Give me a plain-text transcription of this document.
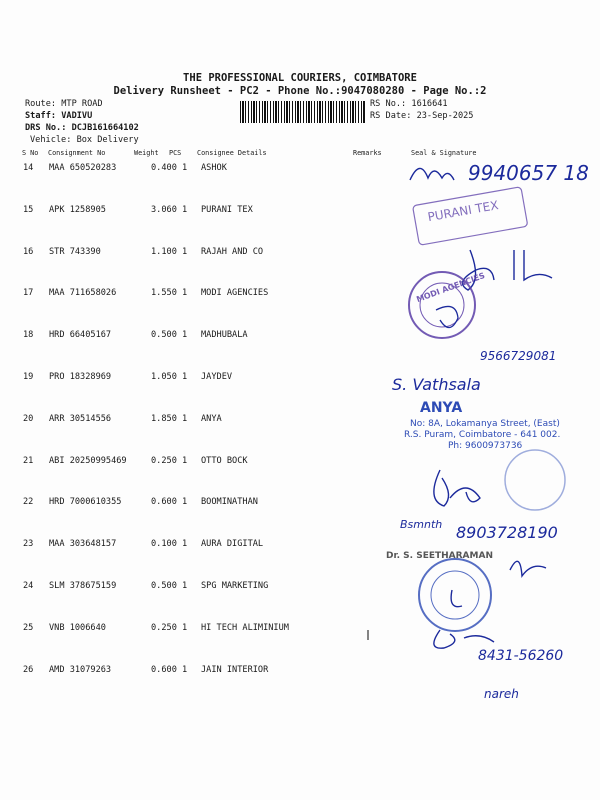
THE PROFESSIONAL COURIERS, COIMBATORE
Delivery Runsheet - PC2 - Phone No.:9047080280 - Page No.:2
Route: MTP ROAD
Staff: VADIVU
DRS No.: DCJB161664102
Vehicle: Box Delivery
RS No.: 1616641
RS Date: 23-Sep-2025
S No Consignment No	Weight PCS Consignee Details	Remarks	Seal & Signature
14 MAA 650520283	0.400 1 ASHOK
15 APK 1258905	3.060 1 PURANI TEX
16 STR 743390	1.100 1 RAJAH AND CO
17 MAA 711658026	1.550 1 MODI AGENCIES
18 HRD 66405167	0.500 1 MADHUBALA
19 PRO 18328969	1.050 1 JAYDEV
20 ARR 30514556	1.850 1 ANYA
21 ABI 20250995469	0.250 1 OTTO BOCK
22 HRD 7000610355	0.600 1 BOOMINATHAN
23 MAA 303648157	0.100 1 AURA DIGITAL
24 SLM 378675159	0.500 1 SPG MARKETING
25 VNB 1006640	0.250 1 HI TECH ALIMINIUM
26 AMD 31079263	0.600 1 JAIN INTERIOR
9940657 18
PURANI TEX
MODI AGENCIES
9566729081
S. Vathsala
ANYA
No: 8A, Lokamanya Street, (East)
R.S. Puram, Coimbatore - 641 002.
Ph: 9600973736
Bsmnth 8903728190
Dr. S. SEETHARAMAN
8431-56260
nareh
